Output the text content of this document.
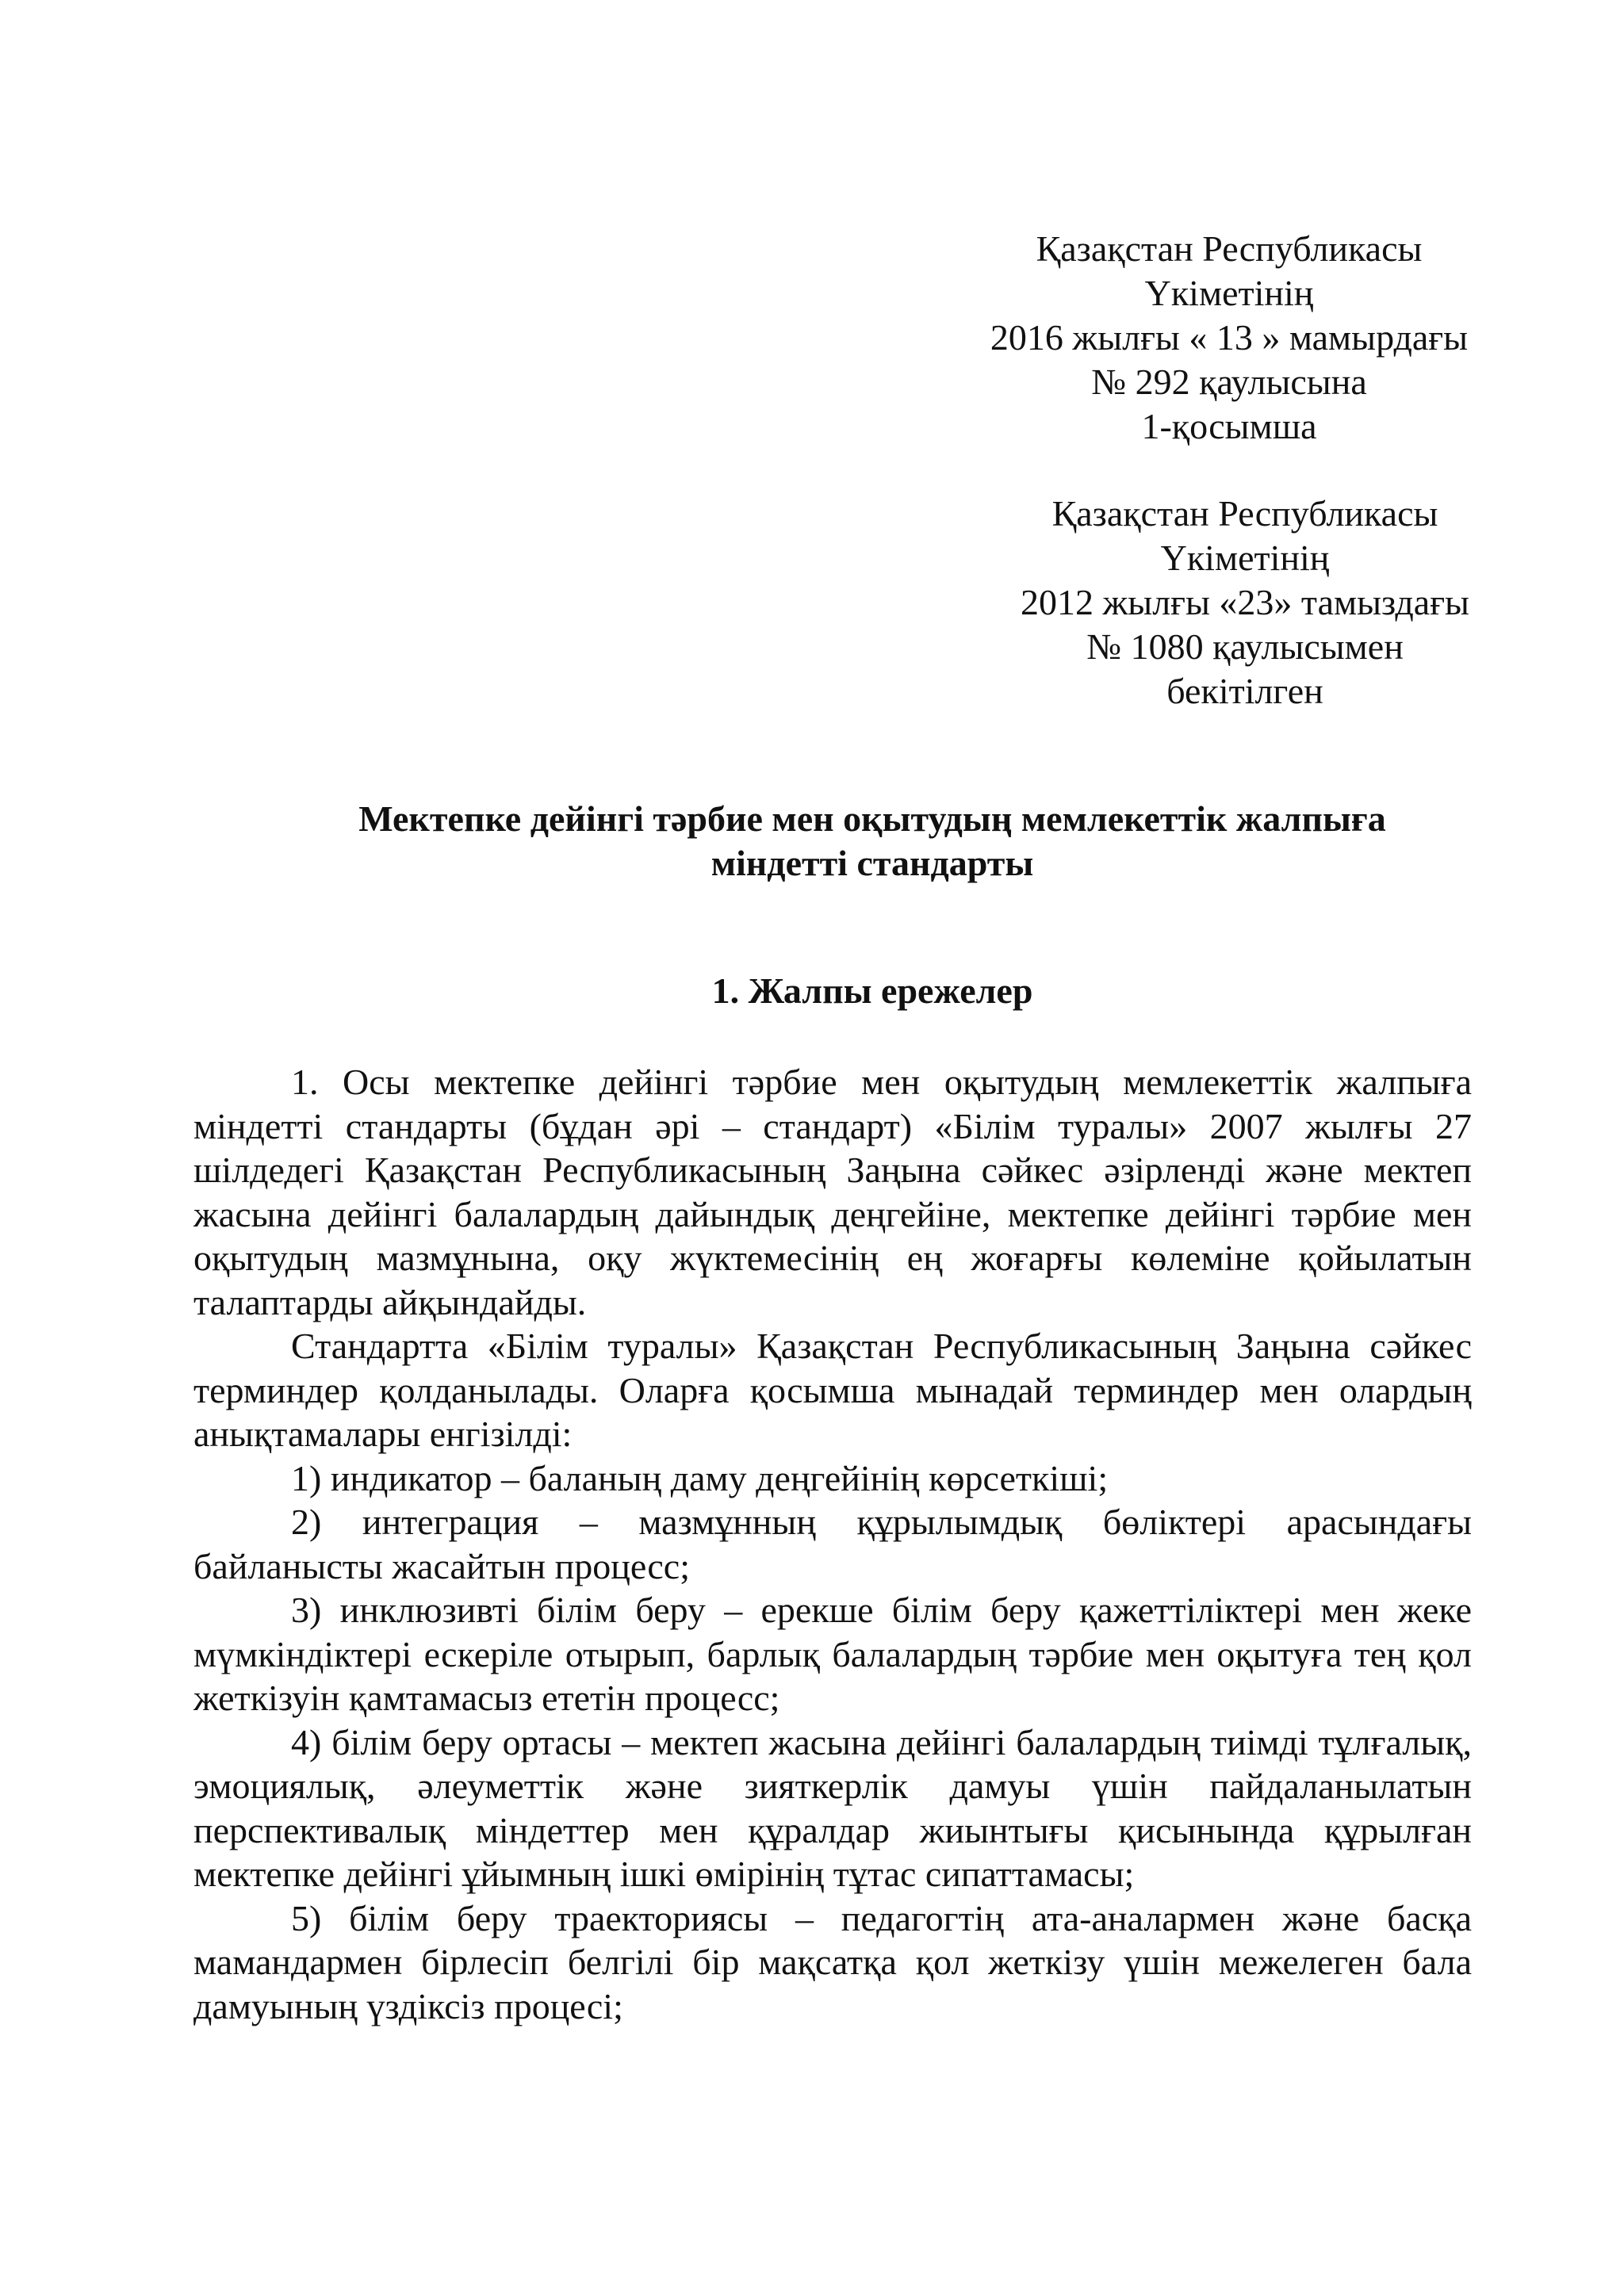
Қазақстан Республикасы
Үкіметінің
2016 жылғы « 13 » мамырдағы
№ 292 қаулысына
1-қосымша
Қазақстан Республикасы
Үкіметінің
2012 жылғы «23» тамыздағы
№ 1080 қаулысымен
бекітілген
Мектепке дейінгі тәрбие мен оқытудың мемлекеттік жалпыға
міндетті стандарты
1. Жалпы ережелер

1. Осы мектепке дейінгі тәрбие мен оқытудың мемлекеттік жалпыға міндетті стандарты (бұдан әрі – стандарт) «Білім туралы» 2007 жылғы 27 шілдедегі Қазақстан Республикасының Заңына сәйкес әзірленді және мектеп жасына дейінгі балалардың дайындық деңгейіне, мектепке дейінгі тәрбие мен оқытудың мазмұнына, оқу жүктемесінің ең жоғарғы көлеміне қойылатын талаптарды айқындайды.

Стандартта «Білім туралы» Қазақстан Республикасының Заңына сәйкес терминдер қолданылады. Оларға қосымша мынадай терминдер мен олардың анықтамалары енгізілді:

1) индикатор – баланың даму деңгейінің көрсеткіші;

2) интеграция – мазмұнның құрылымдық бөліктері арасындағы байланысты жасайтын процесс;

3) инклюзивті білім беру – ерекше білім беру қажеттіліктері мен жеке мүмкіндіктері ескеріле отырып, барлық балалардың тәрбие мен оқытуға тең қол жеткізуін қамтамасыз ететін процесс;

4) білім беру ортасы – мектеп жасына дейінгі балалардың тиімді тұлғалық, эмоциялық, әлеуметтік және зияткерлік дамуы үшін пайдаланылатын перспективалық міндеттер мен құралдар жиынтығы қисынында құрылған мектепке дейінгі ұйымның ішкі өмірінің тұтас сипаттамасы;

5) білім беру траекториясы – педагогтің ата-аналармен және басқа мамандармен бірлесіп белгілі бір мақсатқа қол жеткізу үшін межелеген бала дамуының үздіксіз процесі;
